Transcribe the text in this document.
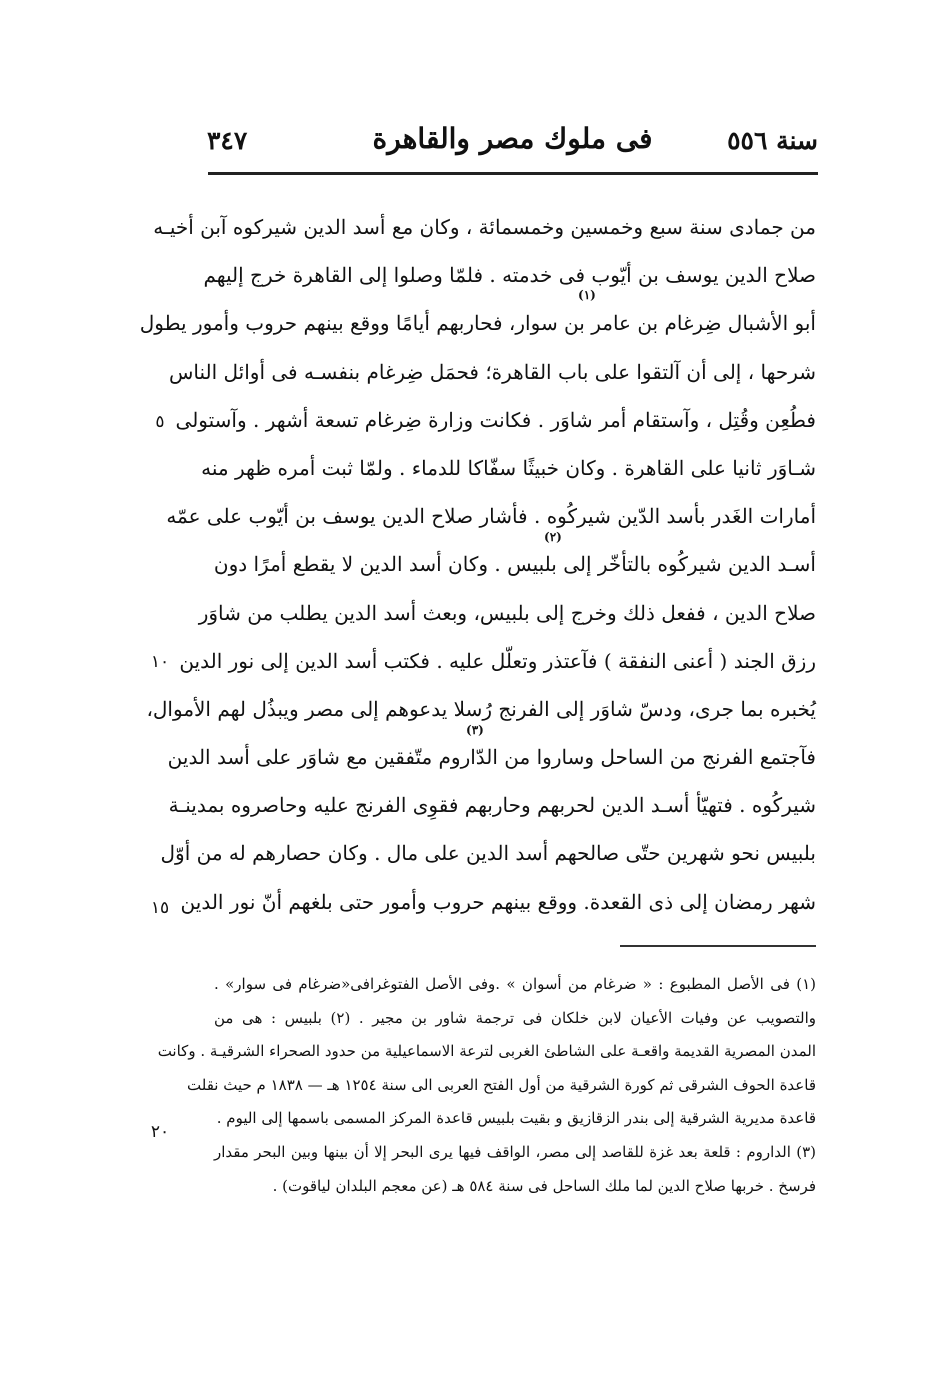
سنة ٥٥٦
فى ملوك مصر والقاهرة
٣٤٧
من جمادى سنة سبع وخمسين وخمسمائة ، وكان مع أسد الدين شيركوه آبن أخيـه
صلاح الدين يوسف بن أيّوب فى خدمته . فلمّا وصلوا إلى القاهرة خرج إليهم
أبو الأشبال ضِرغام بن عامر بن سوار، فحاربهم أيامًا ووقع بينهم حروب وأمور يطول
شرحها ، إلى أن آلتقوا على باب القاهرة؛ فحمَل ضِرغام بنفسـه فى أوائل الناس
فطُعِن وقُتِل ، وآستقام أمر شاوَر . فكانت وزارة ضِرغام تسعة أشهر . وآستولى
شـاوَر ثانيا على القاهرة . وكان خبيثًا سفّاكا للدماء . ولمّا ثبت أمره ظهر منه
أمارات الغَدر بأسد الدّين شيركُوه . فأشار صلاح الدين يوسف بن أيّوب على عمّه
أسـد الدين شيركُوه بالتأخّر إلى بلبيس . وكان أسد الدين لا يقطع أمرًا دون
صلاح الدين ، ففعل ذلك وخرج إلى بلبيس، وبعث أسد الدين يطلب من شاوَر
رزق الجند ( أعنى النفقة ) فآعتذر وتعلّل عليه . فكتب أسد الدين إلى نور الدين
يُخبره بما جرى، ودسّ شاوَر إلى الفرنج رُسلا يدعوهم إلى مصر ويبذُل لهم الأموال،
فآجتمع الفرنج من الساحل وساروا من الدّاروم متّفقين مع شاوَر على أسد الدين
شيركُوه . فتهيّأ أسـد الدين لحربهم وحاربهم فقوِى الفرنج عليه وحاصروه بمدينـة
بلبيس نحو شهرين حتّى صالحهم أسد الدين على مال . وكان حصارهم له من أوّل
شهر رمضان إلى ذى القعدة. ووقع بينهم حروب وأمور حتى بلغهم أنّ نور الدين
(١)
(٢)
(٣)
٥
١٠
١٥
٢٠
(١) فى الأصل المطبوع : « ضرغام من أسوان » .وفى الأصل الفتوغرافى«ضرغام فى سوار» .
والتصويب عن وفيات الأعيان لابن خلكان فى ترجمة شاور بن مجير . (٢) بلبيس : هى من
المدن المصرية القديمة واقعـة على الشاطئ الغربى لترعة الاسماعيلية من حدود الصحراء الشرقيـة . وكانت
قاعدة الحوف الشرقى ثم كورة الشرقية من أول الفتح العربى الى سنة ١٢٥٤ هـ — ١٨٣٨ م حيث نقلت
قاعدة مديرية الشرقية إلى بندر الزقازيق و بقيت بلبيس قاعدة المركز المسمى باسمها إلى اليوم .
(٣) الداروم : قلعة بعد غزة للقاصد إلى مصر، الواقف فيها يرى البحر إلا أن بينها وبين البحر مقدار
فرسخ . خربها صلاح الدين لما ملك الساحل فى سنة ٥٨٤ هـ (عن معجم البلدان لياقوت) .
